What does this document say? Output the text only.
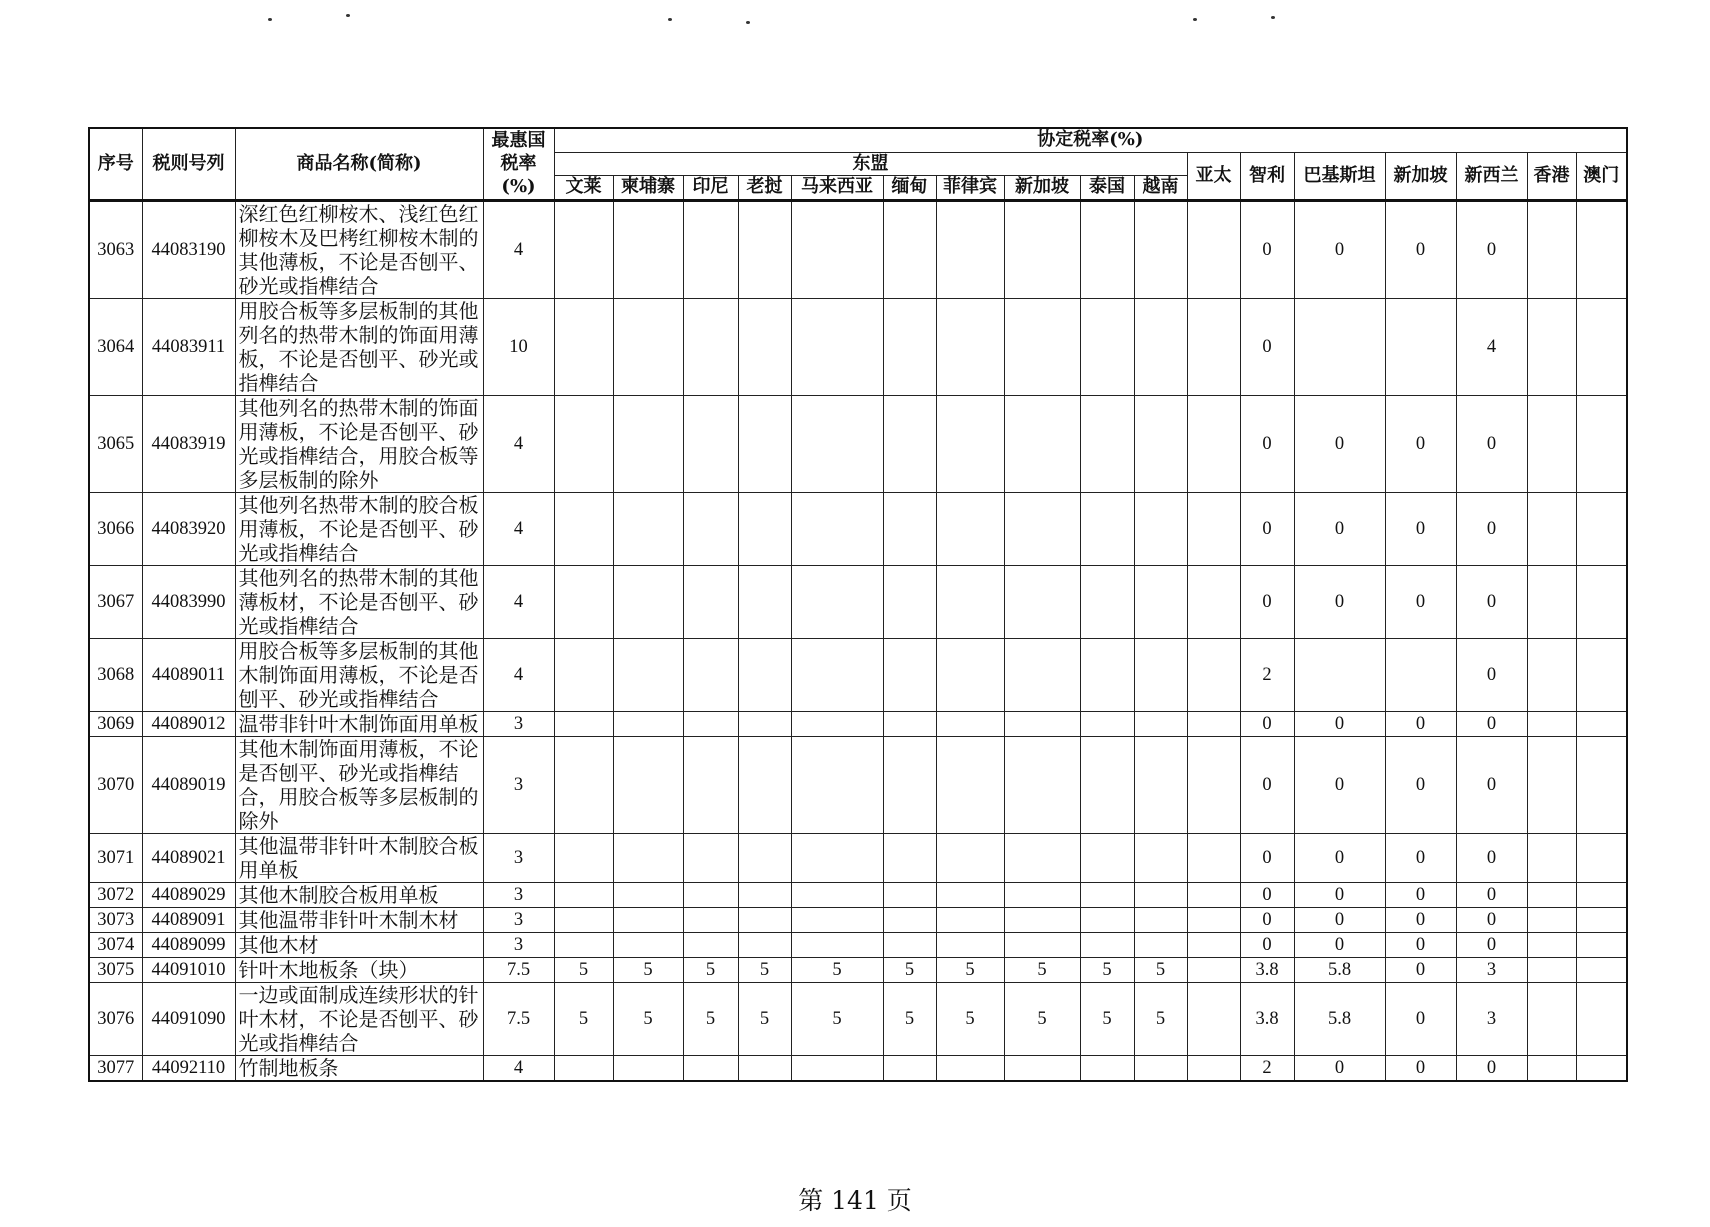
序号	税则号列	商品名称(简称)	最惠国
税率
(%)	协定税率(%)																
				东盟										亚太	智利	巴基斯坦	新加坡	新西兰	香港	澳门
				文莱	柬埔寨	印尼	老挝	马来西亚	缅甸	菲律宾	新加坡	泰国	越南							
3063	44083190	深红色红柳桉木、浅红色红
柳桉木及巴栲红柳桉木制的
其他薄板，不论是否刨平、
砂光或指榫结合	4												0	0	0	0		
3064	44083911	用胶合板等多层板制的其他
列名的热带木制的饰面用薄
板，不论是否刨平、砂光或
指榫结合	10												0			4		
3065	44083919	其他列名的热带木制的饰面
用薄板，不论是否刨平、砂
光或指榫结合，用胶合板等
多层板制的除外	4												0	0	0	0		
3066	44083920	其他列名热带木制的胶合板
用薄板，不论是否刨平、砂
光或指榫结合	4												0	0	0	0		
3067	44083990	其他列名的热带木制的其他
薄板材，不论是否刨平、砂
光或指榫结合	4												0	0	0	0		
3068	44089011	用胶合板等多层板制的其他
木制饰面用薄板，不论是否
刨平、砂光或指榫结合	4												2			0		
3069	44089012	温带非针叶木制饰面用单板	3												0	0	0	0		
3070	44089019	其他木制饰面用薄板，不论
是否刨平、砂光或指榫结
合，用胶合板等多层板制的
除外	3												0	0	0	0		
3071	44089021	其他温带非针叶木制胶合板
用单板	3												0	0	0	0		
3072	44089029	其他木制胶合板用单板	3												0	0	0	0		
3073	44089091	其他温带非针叶木制木材	3												0	0	0	0		
3074	44089099	其他木材	3												0	0	0	0		
3075	44091010	针叶木地板条（块）	7.5	5	5	5	5	5	5	5	5	5	5		3.8	5.8	0	3		
3076	44091090	一边或面制成连续形状的针
叶木材，不论是否刨平、砂
光或指榫结合	7.5	5	5	5	5	5	5	5	5	5	5		3.8	5.8	0	3		
3077	44092110	竹制地板条	4												2	0	0	0		
第 141 页
